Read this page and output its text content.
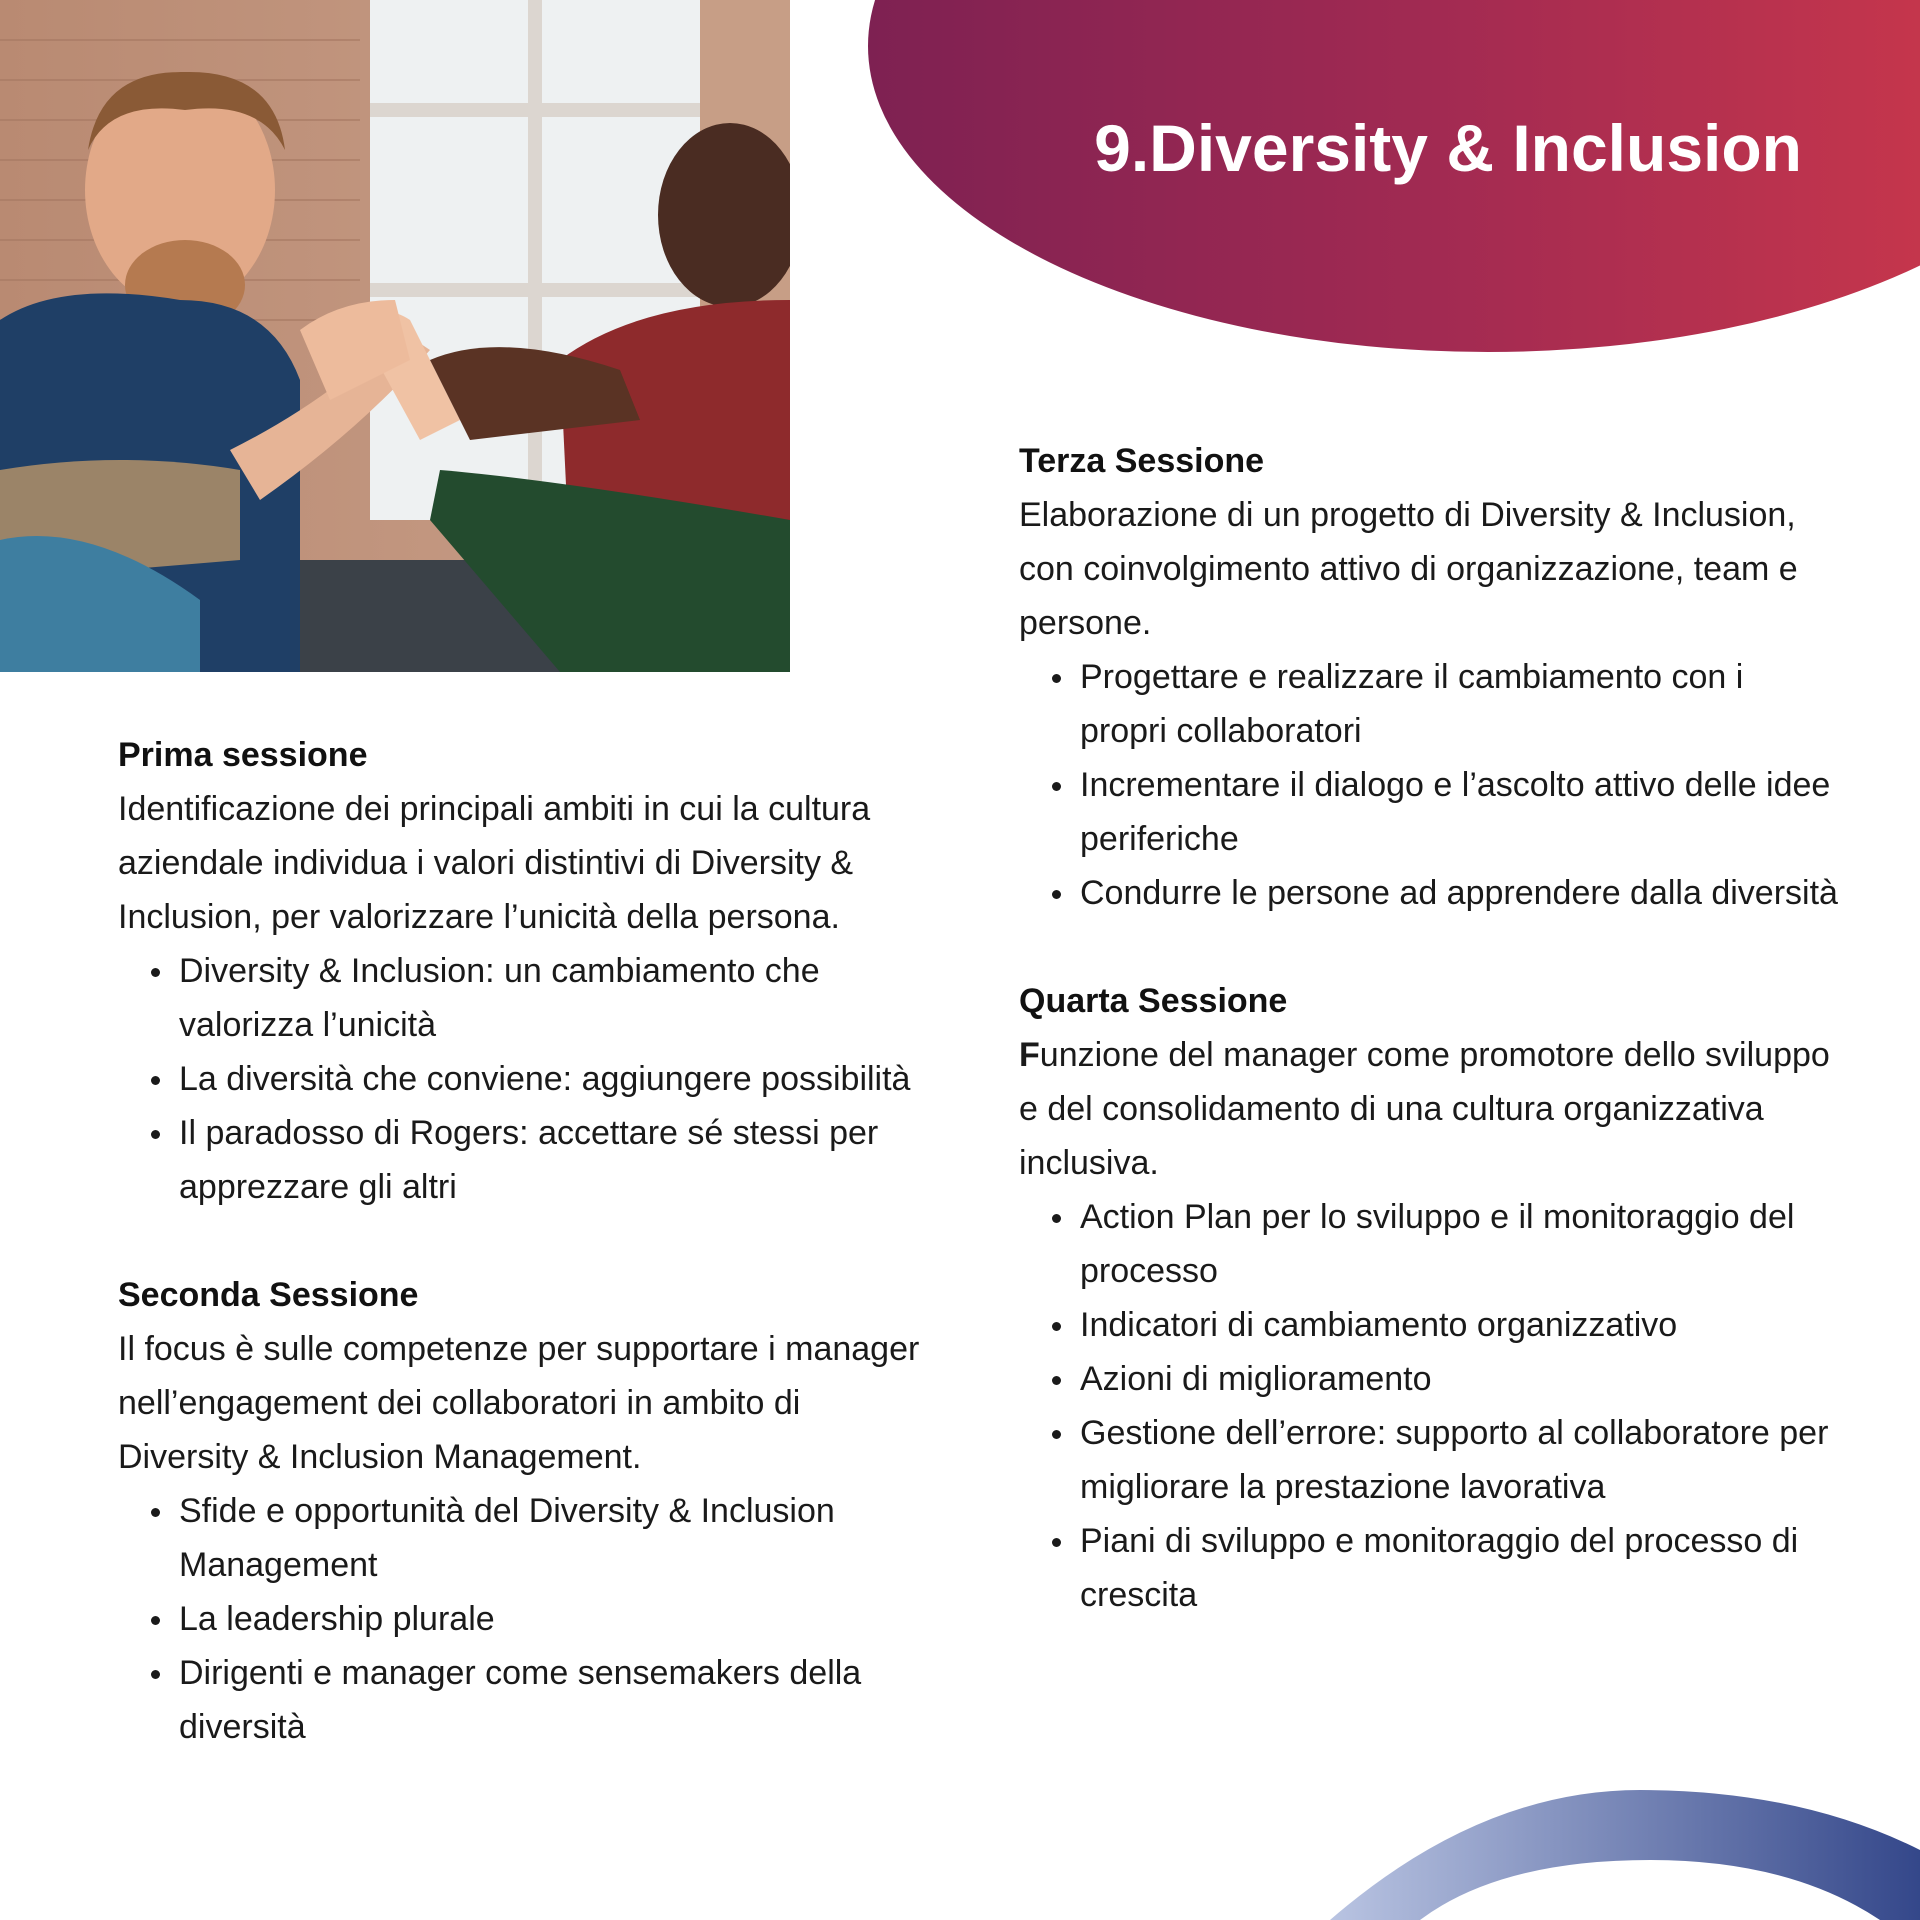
9.Diversity & Inclusion

Prima sessione

Identificazione dei principali ambiti in cui la cultura aziendale individua i valori distintivi di Diversity & Inclusion, per valorizzare l’unicità della persona.

Diversity & Inclusion: un cambiamento che valorizza l’unicità
La diversità che conviene: aggiungere possibilità
Il paradosso di Rogers: accettare sé stessi per apprezzare gli altri

Seconda Sessione

Il focus è sulle competenze per supportare i manager nell’engagement dei collaboratori in ambito di Diversity & Inclusion Management.

Sfide e opportunità del Diversity & Inclusion Management
La leadership plurale
Dirigenti e manager come sensemakers della diversità

Terza Sessione

Elaborazione di un progetto di Diversity & Inclusion, con coinvolgimento attivo di organizzazione, team e persone.

Progettare e realizzare il cambiamento con i propri collaboratori
Incrementare il dialogo e l’ascolto attivo delle idee periferiche
Condurre le persone ad apprendere dalla diversità

Quarta Sessione

Funzione del manager come promotore dello sviluppo e del consolidamento di una cultura organizzativa inclusiva.

Action Plan per lo sviluppo e il monitoraggio del processo
Indicatori di cambiamento organizzativo
Azioni di miglioramento
Gestione dell’errore: supporto al collaboratore per migliorare la prestazione lavorativa
Piani di sviluppo e monitoraggio del processo di crescita
